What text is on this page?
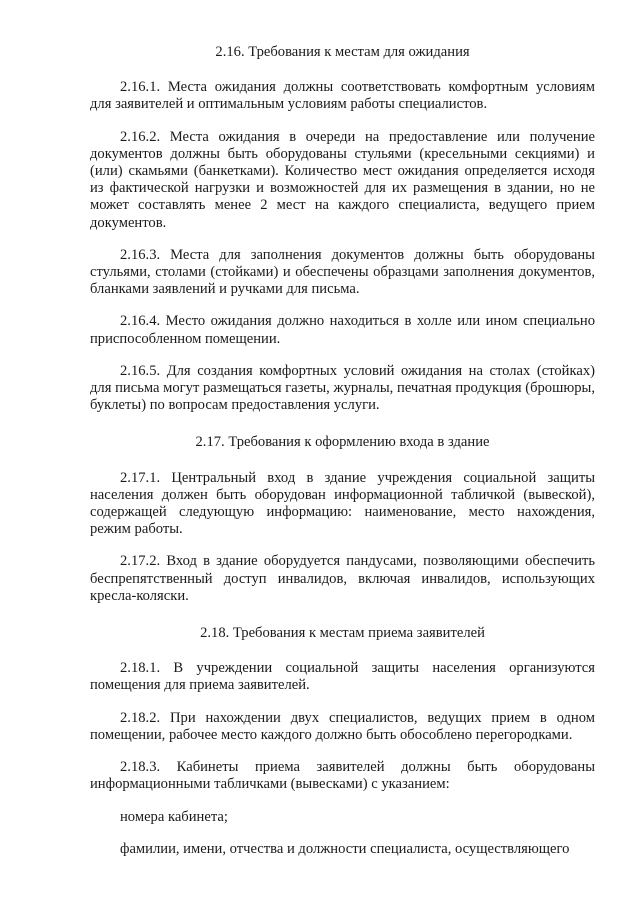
2.16. Требования к местам для ожидания

2.16.1. Места ожидания должны соответствовать комфортным условиям для заявителей и оптимальным условиям работы специалистов.

2.16.2. Места ожидания в очереди на предоставление или получение документов должны быть оборудованы стульями (кресельными секциями) и (или) скамьями (банкетками). Количество мест ожидания определяется исходя из фактической нагрузки и возможностей для их размещения в здании, но не может составлять менее 2 мест на каждого специалиста, ведущего прием документов.

2.16.3. Места для заполнения документов должны быть оборудованы стульями, столами (стойками) и обеспечены образцами заполнения документов, бланками заявлений и ручками для письма.

2.16.4. Место ожидания должно находиться в холле или ином специально приспособленном помещении.

2.16.5. Для создания комфортных условий ожидания на столах (стойках) для письма могут размещаться газеты, журналы, печатная продукция (брошюры, буклеты) по вопросам предоставления услуги.

2.17. Требования к оформлению входа в здание

2.17.1. Центральный вход в здание учреждения социальной защиты населения должен быть оборудован информационной табличкой (вывеской), содержащей следующую информацию: наименование, место нахождения, режим работы.

2.17.2. Вход в здание оборудуется пандусами, позволяющими обеспечить беспрепятственный доступ инвалидов, включая инвалидов, использующих кресла-коляски.

2.18. Требования к местам приема заявителей

2.18.1. В учреждении социальной защиты населения организуются помещения для приема заявителей.

2.18.2. При нахождении двух специалистов, ведущих прием в одном помещении, рабочее место каждого должно быть обособлено перегородками.

2.18.3. Кабинеты приема заявителей должны быть оборудованы информационными табличками (вывесками) с указанием:

номера кабинета;

фамилии, имени, отчества и должности специалиста, осуществляющего
